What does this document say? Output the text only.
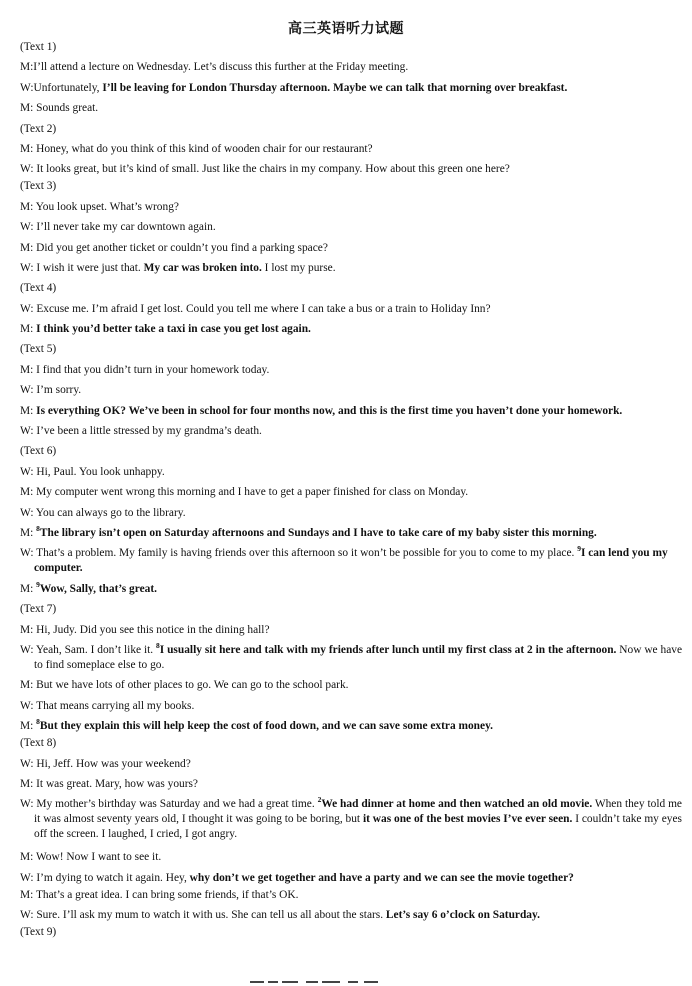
高三英语听力试题
(Text 1)
M:I’ll attend a lecture on Wednesday. Let’s discuss this further at the Friday meeting.
W:Unfortunately, I’ll be leaving for London Thursday afternoon. Maybe we can talk that morning over breakfast.
M: Sounds great.
(Text 2)
M: Honey, what do you think of this kind of wooden chair for our restaurant?
W: It looks great, but it’s kind of small. Just like the chairs in my company. How about this green one here?
(Text 3)
M: You look upset. What’s wrong?
W: I’ll never take my car downtown again.
M: Did you get another ticket or couldn’t you find a parking space?
W: I wish it were just that. My car was broken into. I lost my purse.
(Text 4)
W: Excuse me. I’m afraid I get lost. Could you tell me where I can take a bus or a train to Holiday Inn?
M: I think you’d better take a taxi in case you get lost again.
(Text 5)
M: I find that you didn’t turn in your homework today.
W: I’m sorry.
M: Is everything OK? We’ve been in school for four months now, and this is the first time you haven’t done your homework.
W: I’ve been a little stressed by my grandma’s death.
(Text 6)
W: Hi, Paul. You look unhappy.
M: My computer went wrong this morning and I have to get a paper finished for class on Monday.
W: You can always go to the library.
M: $^8$The library isn’t open on Saturday afternoons and Sundays and I have to take care of my baby sister this morning.
W: That’s a problem. My family is having friends over this afternoon so it won’t be possible for you to come to my place. $^9$I can lend you my computer.
M: $^9$Wow, Sally, that’s great.
(Text 7)
M: Hi, Judy. Did you see this notice in the dining hall?
W: Yeah, Sam. I don’t like it. $^8$I usually sit here and talk with my friends after lunch until my first class at 2 in the afternoon. Now we have to find someplace else to go.
M: But we have lots of other places to go. We can go to the school park.
W: That means carrying all my books.
M: $^8$But they explain this will help keep the cost of food down, and we can save some extra money.
(Text 8)
W: Hi, Jeff. How was your weekend?
M: It was great. Mary, how was yours?
W: My mother’s birthday was Saturday and we had a great time. $^2$We had dinner at home and then watched an old movie. When they told me it was almost seventy years old, I thought it was going to be boring, but it was one of the best movies I’ve ever seen. I couldn’t take my eyes off the screen. I laughed, I cried, I got angry.
M: Wow! Now I want to see it.
W: I’m dying to watch it again. Hey, why don’t we get together and have a party and we can see the movie together?
M: That’s a great idea. I can bring some friends, if that’s OK.
W: Sure. I’ll ask my mum to watch it with us. She can tell us all about the stars. Let’s say 6 o’clock on Saturday.
(Text 9)
